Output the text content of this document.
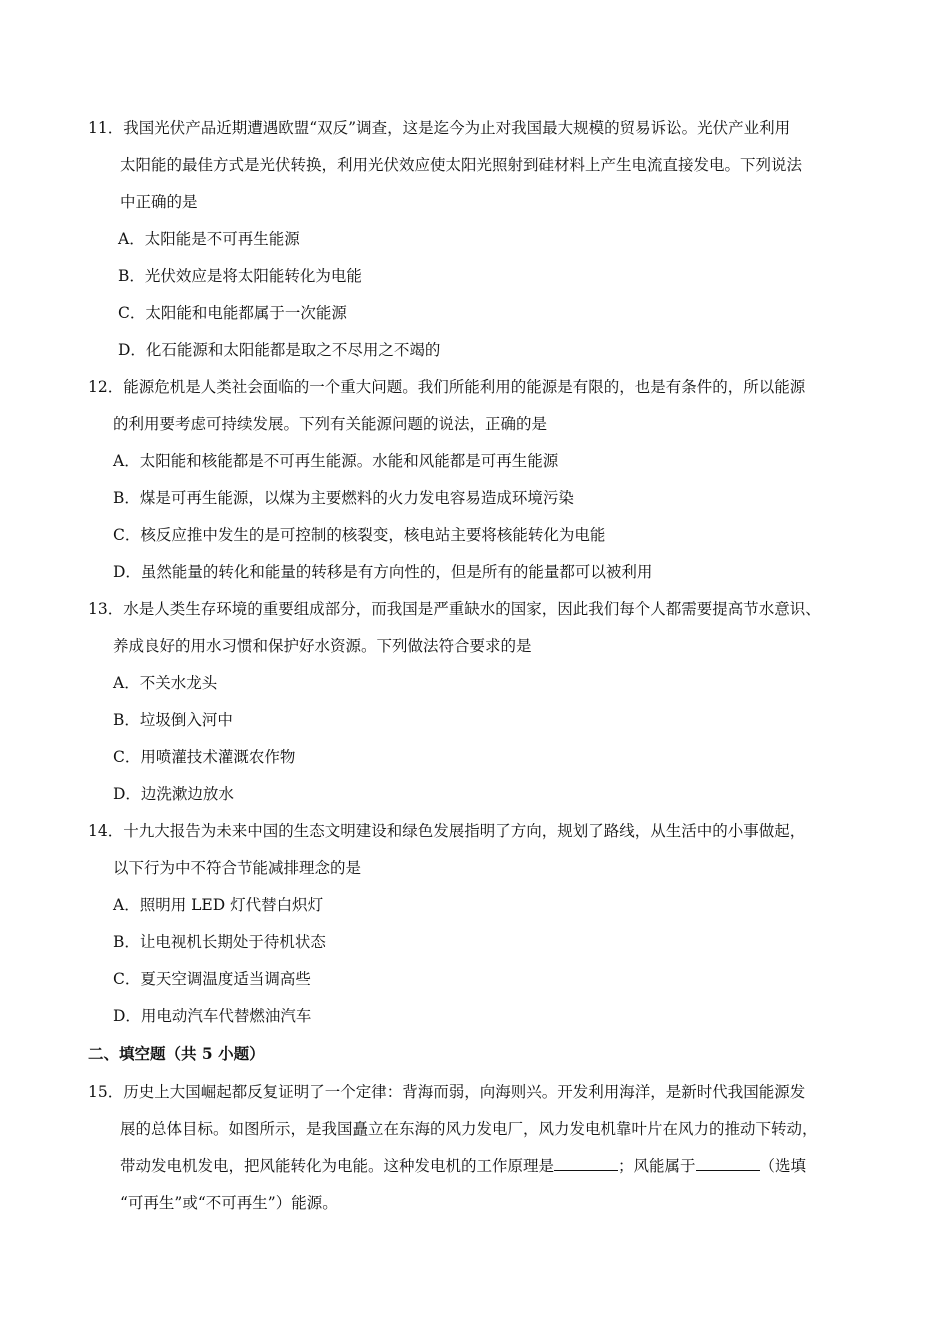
11．我国光伏产品近期遭遇欧盟“双反”调查，这是迄今为止对我国最大规模的贸易诉讼。光伏产业利用
太阳能的最佳方式是光伏转换，利用光伏效应使太阳光照射到硅材料上产生电流直接发电。下列说法
中正确的是
A．太阳能是不可再生能源
B．光伏效应是将太阳能转化为电能
C．太阳能和电能都属于一次能源
D．化石能源和太阳能都是取之不尽用之不竭的
12．能源危机是人类社会面临的一个重大问题。我们所能利用的能源是有限的，也是有条件的，所以能源
的利用要考虑可持续发展。下列有关能源问题的说法，正确的是
A．太阳能和核能都是不可再生能源。水能和风能都是可再生能源
B．煤是可再生能源，以煤为主要燃料的火力发电容易造成环境污染
C．核反应推中发生的是可控制的核裂变，核电站主要将核能转化为电能
D．虽然能量的转化和能量的转移是有方向性的，但是所有的能量都可以被利用
13．水是人类生存环境的重要组成部分，而我国是严重缺水的国家，因此我们每个人都需要提高节水意识、
养成良好的用水习惯和保护好水资源。下列做法符合要求的是
A．不关水龙头
B．垃圾倒入河中
C．用喷灌技术灌溉农作物
D．边洗漱边放水
14．十九大报告为未来中国的生态文明建设和绿色发展指明了方向，规划了路线，从生活中的小事做起，
以下行为中不符合节能减排理念的是
A．照明用 LED 灯代替白炽灯
B．让电视机长期处于待机状态
C．夏天空调温度适当调高些
D．用电动汽车代替燃油汽车
二、填空题（共 5 小题）
15．历史上大国崛起都反复证明了一个定律：背海而弱，向海则兴。开发利用海洋，是新时代我国能源发
展的总体目标。如图所示，是我国矗立在东海的风力发电厂，风力发电机靠叶片在风力的推动下转动，
带动发电机发电，把风能转化为电能。这种发电机的工作原理是	；风能属于	（选填
“可再生”或“不可再生”）能源。
